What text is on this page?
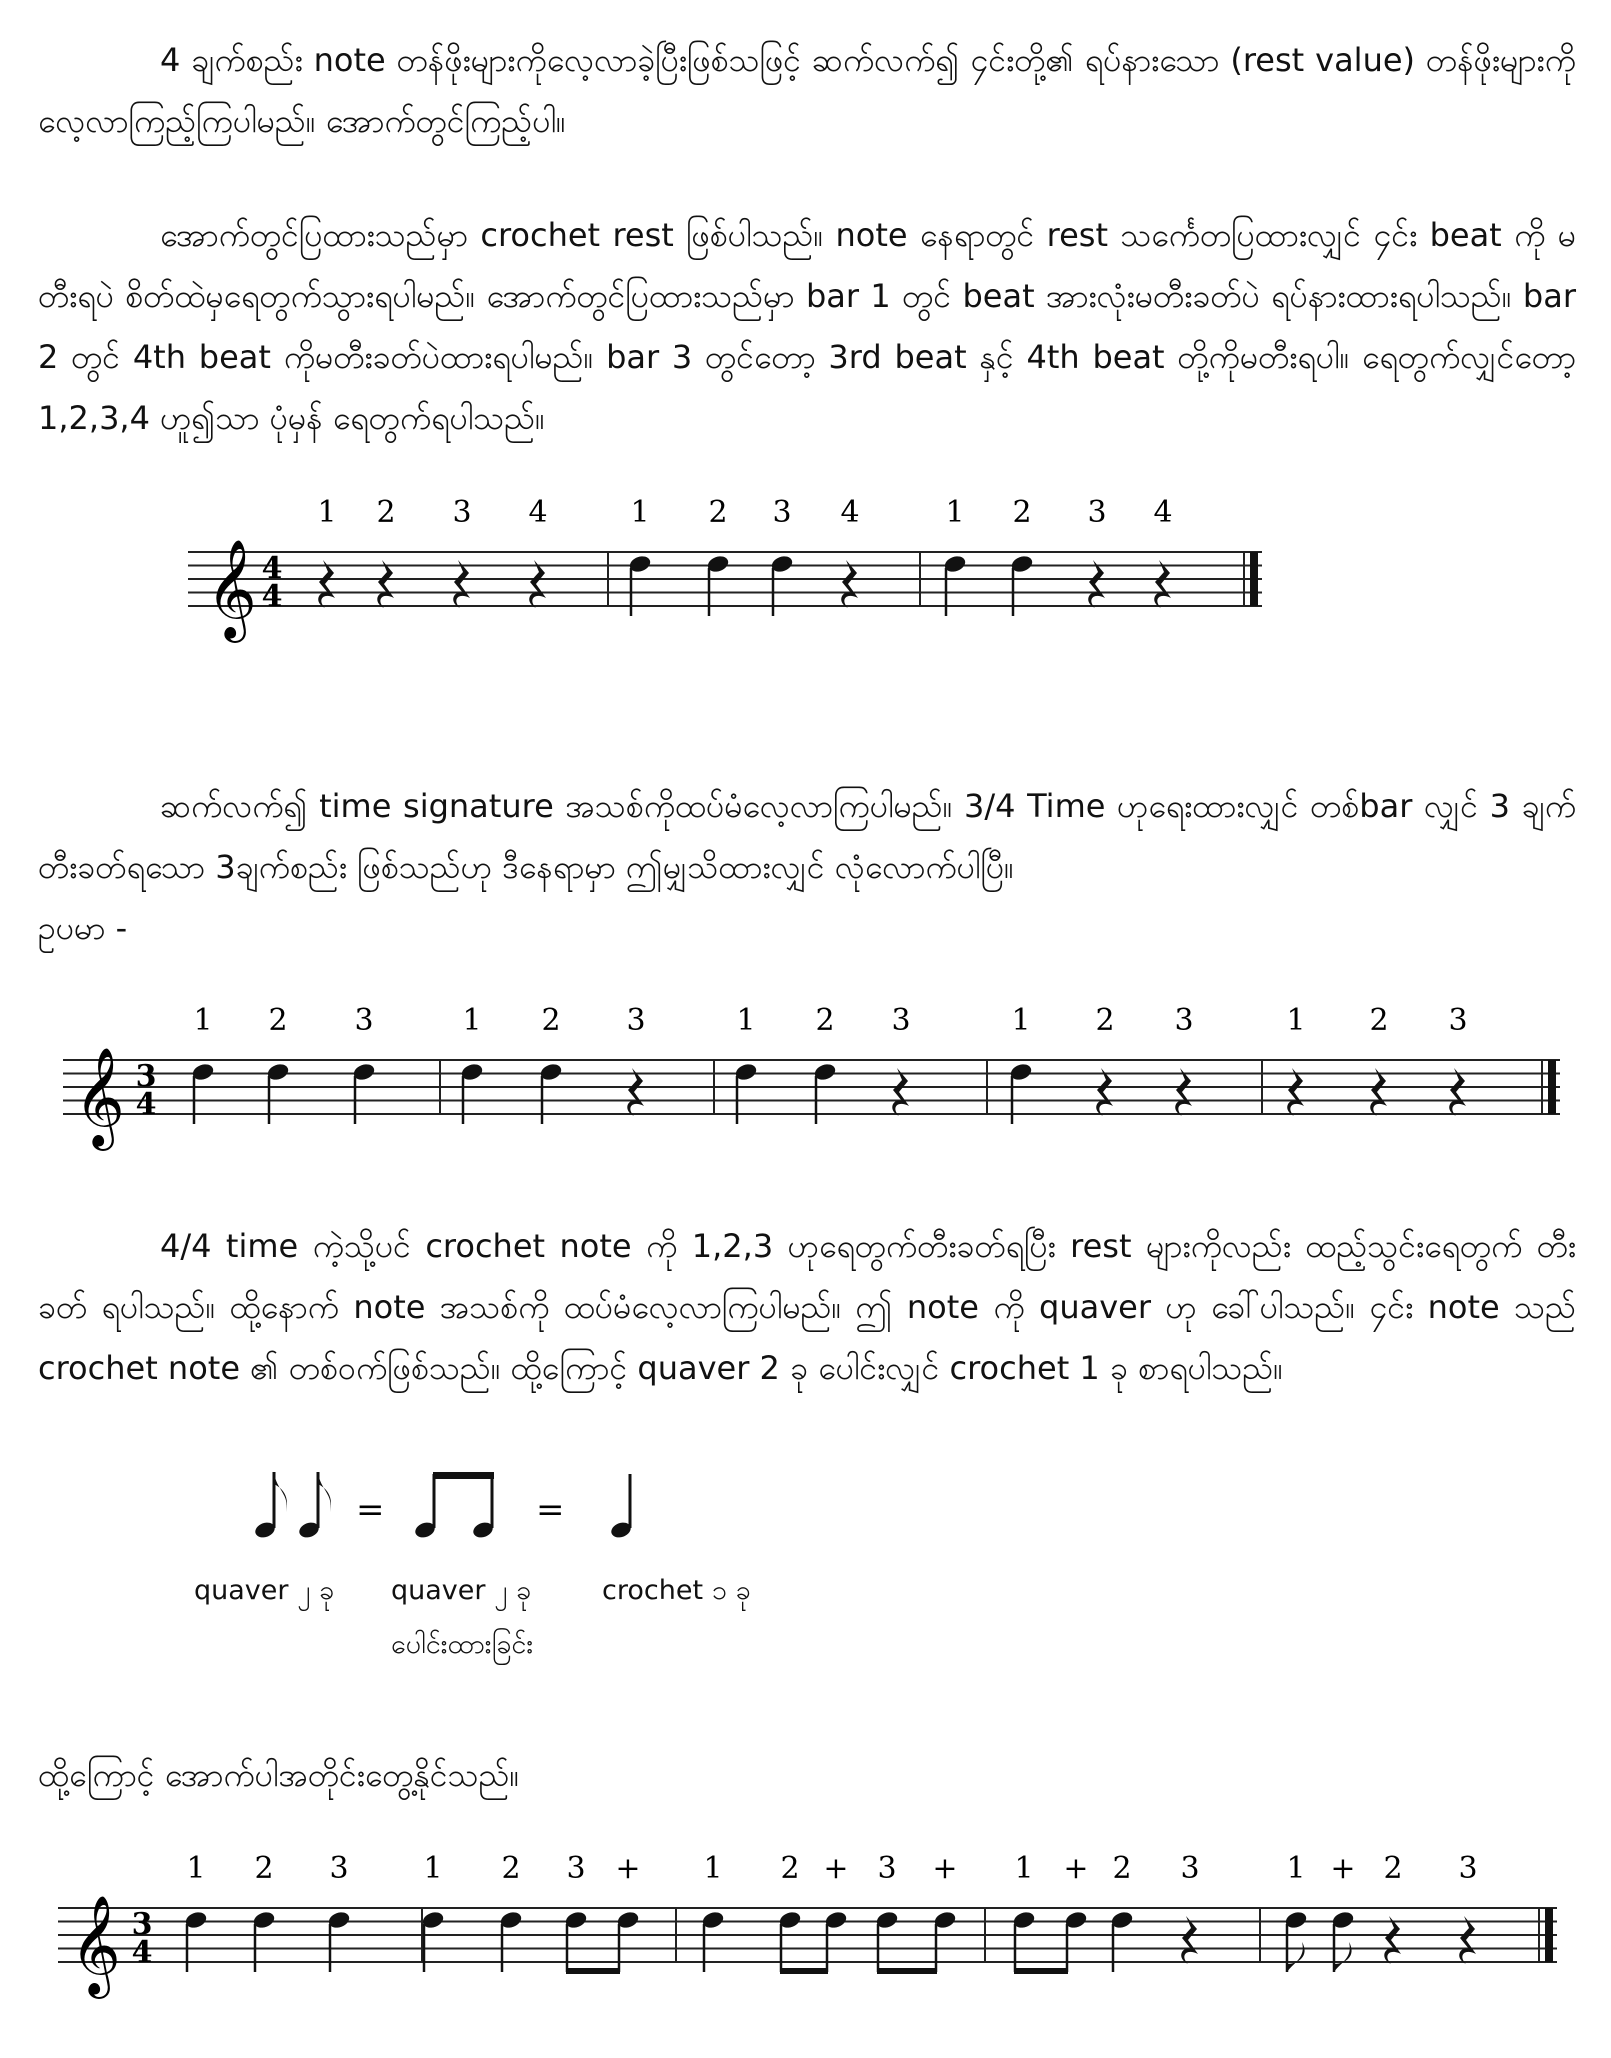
4 ချက်စည်း note တန်ဖိုးများကိုလေ့လာခဲ့ပြီးဖြစ်သဖြင့် ဆက်လက်၍ ၄င်းတို့၏ ရပ်နားသော (rest value) တန်ဖိုးများကို လေ့လာကြည့်ကြပါမည်။ အောက်တွင်ကြည့်ပါ။

အောက်တွင်ပြထားသည်မှာ crochet rest ဖြစ်ပါသည်။ note နေရာတွင် rest သင်္ကေတပြထားလျှင် ၄င်း beat ကို မတီးရပဲ စိတ်ထဲမှရေတွက်သွားရပါမည်။ အောက်တွင်ပြထားသည်မှာ bar 1 တွင် beat အားလုံးမတီးခတ်ပဲ ရပ်နားထားရပါသည်။ bar 2 တွင် 4th beat ကိုမတီးခတ်ပဲထားရပါမည်။ bar 3 တွင်တော့ 3rd beat နှင့် 4th beat တို့ကိုမတီးရပါ။ ရေတွက်လျှင်တော့ 1,2,3,4 ဟူ၍သာ ပုံမှန် ရေတွက်ရပါသည်။

𝄞 4
4
1 2 3 4	1 2 3 4	1 2 3 4

ဆက်လက်၍ time signature အသစ်ကိုထပ်မံလေ့လာကြပါမည်။ 3/4 Time ဟုရေးထားလျှင် တစ်bar လျှင် 3 ချက်တီးခတ်ရသော 3ချက်စည်း ဖြစ်သည်ဟု ဒီနေရာမှာ ဤမျှသိထားလျှင် လုံလောက်ပါပြီ။

ဥပမာ -

4/4 time ကဲ့သို့ပင် crochet note ကို 1,2,3 ဟုရေတွက်တီးခတ်ရပြီး rest များကိုလည်း ထည့်သွင်းရေတွက် တီးခတ် ရပါသည်။ ထို့နောက် note အသစ်ကို ထပ်မံလေ့လာကြပါမည်။ ဤ note ကို quaver ဟု ခေါ်ပါသည်။ ၄င်း note သည် crochet note ၏ တစ်ဝက်ဖြစ်သည်။ ထို့ကြောင့် quaver 2 ခု ပေါင်းလျှင် crochet 1 ခု စာရပါသည်။

=	=
quaver ၂ ခု quaver ၂ ခု
ပေါင်းထားခြင်း
crochet ၁ ခု

ထို့ကြောင့် အောက်ပါအတိုင်းတွေ့နိုင်သည်။

𝄞 3
4
1 2 3	1 2 3	1 2 3	1 2 3	1 2 3
𝄞 3
4
1 2 3 1 2 3 + 1 2 + 3 + 1 + 2 3	1 + 2 3
